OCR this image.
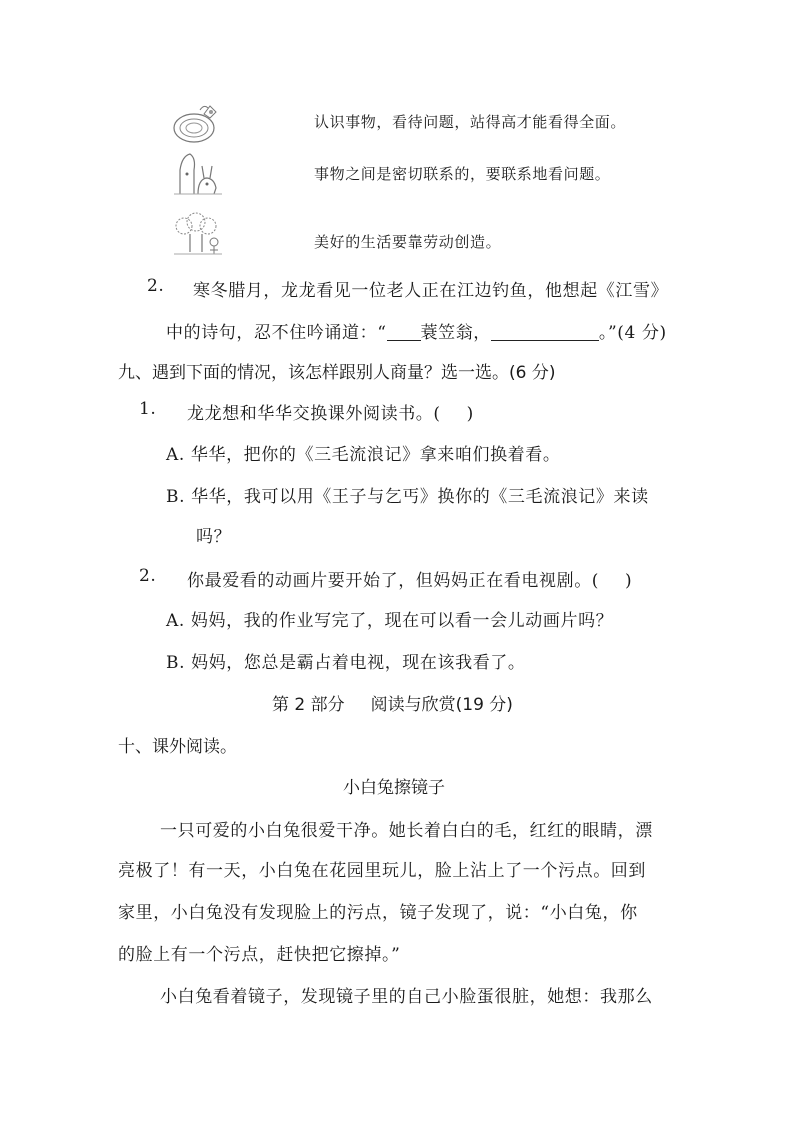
认识事物，看待问题，站得高才能看得全面。
事物之间是密切联系的，要联系地看问题。
美好的生活要靠劳动创造。
2. 寒冬腊月，龙龙看见一位老人正在江边钓鱼，他想起《江雪》
中的诗句，忍不住吟诵道：“ 蓑笠翁，	。”(4 分)
九、遇到下面的情况，该怎样跟别人商量？选一选。(6 分)
1. 龙龙想和华华交换课外阅读书。( )
A. 华华，把你的《三毛流浪记》拿来咱们换着看。
B. 华华，我可以用《王子与乞丐》换你的《三毛流浪记》来读
吗？
2. 你最爱看的动画片要开始了，但妈妈正在看电视剧。( )
A. 妈妈，我的作业写完了，现在可以看一会儿动画片吗？
B. 妈妈，您总是霸占着电视，现在该我看了。
第 2 部分 阅读与欣赏(19 分)
十、课外阅读。
小白兔擦镜子
一只可爱的小白兔很爱干净。她长着白白的毛，红红的眼睛，漂
亮极了！有一天，小白兔在花园里玩儿，脸上沾上了一个污点。回到
家里，小白兔没有发现脸上的污点，镜子发现了，说：“小白兔，你
的脸上有一个污点，赶快把它擦掉。”
小白兔看着镜子，发现镜子里的自己小脸蛋很脏，她想：我那么
